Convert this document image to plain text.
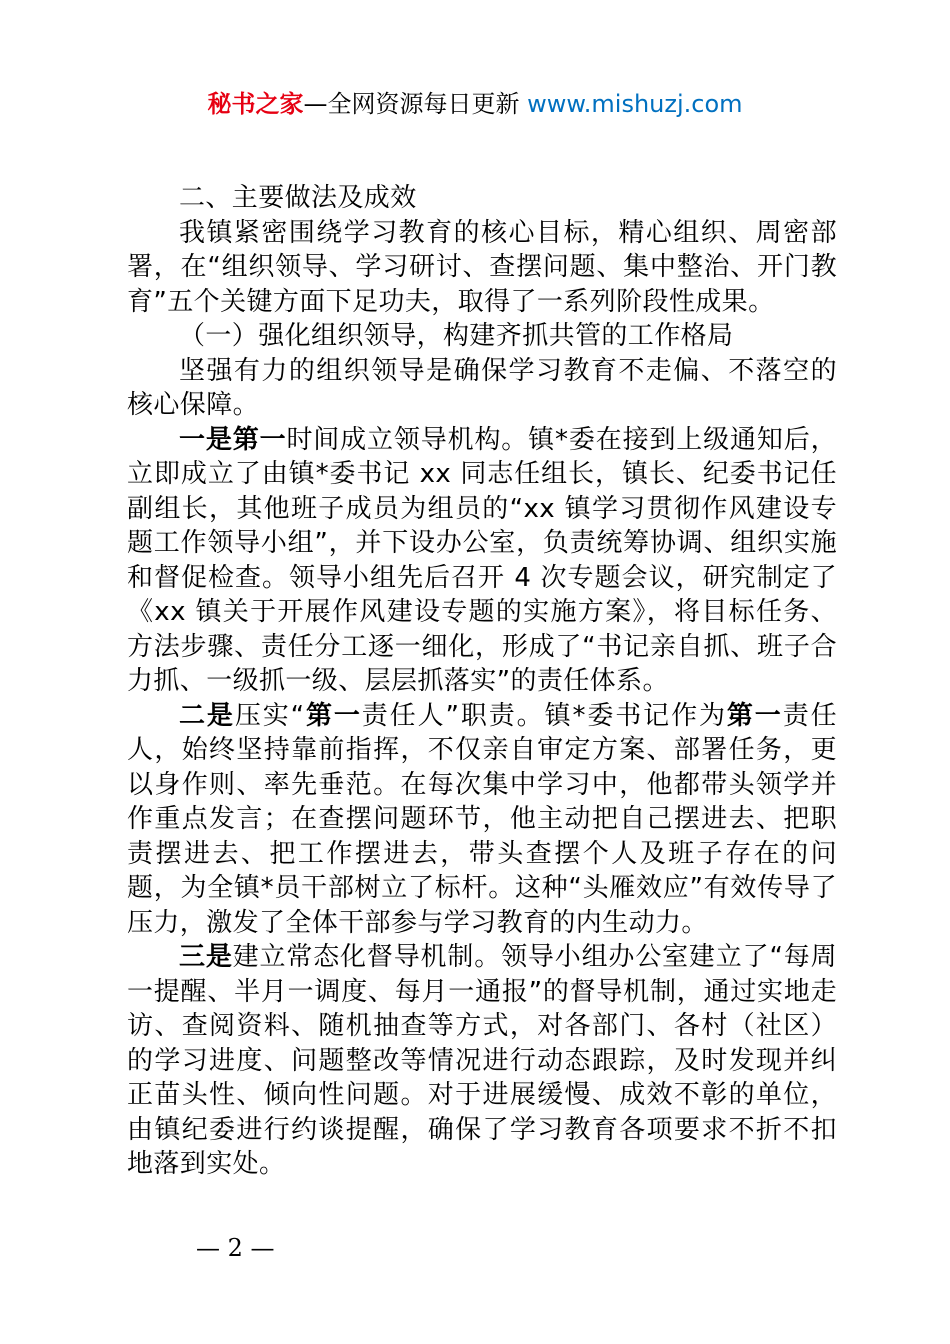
秘书之家—全网资源每日更新 www.mishuzj.com

二、主要做法及成效

我镇紧密围绕学习教育的核心目标，精心组织、周密部署，在“组织领导、学习研讨、查摆问题、集中整治、开门教育”五个关键方面下足功夫，取得了一系列阶段性成果。

（一）强化组织领导，构建齐抓共管的工作格局

坚强有力的组织领导是确保学习教育不走偏、不落空的核心保障。

一是第一时间成立领导机构。镇*委在接到上级通知后，立即成立了由镇*委书记 xx 同志任组长，镇长、纪委书记任副组长，其他班子成员为组员的“xx 镇学习贯彻作风建设专题工作领导小组”，并下设办公室，负责统筹协调、组织实施和督促检查。领导小组先后召开 4 次专题会议，研究制定了《xx 镇关于开展作风建设专题的实施方案》，将目标任务、方法步骤、责任分工逐一细化，形成了“书记亲自抓、班子合力抓、一级抓一级、层层抓落实”的责任体系。

二是压实“第一责任人”职责。镇*委书记作为第一责任人，始终坚持靠前指挥，不仅亲自审定方案、部署任务，更以身作则、率先垂范。在每次集中学习中，他都带头领学并作重点发言；在查摆问题环节，他主动把自己摆进去、把职责摆进去、把工作摆进去，带头查摆个人及班子存在的问题，为全镇*员干部树立了标杆。这种“头雁效应”有效传导了压力，激发了全体干部参与学习教育的内生动力。

三是建立常态化督导机制。领导小组办公室建立了“每周一提醒、半月一调度、每月一通报”的督导机制，通过实地走访、查阅资料、随机抽查等方式，对各部门、各村（社区）的学习进度、问题整改等情况进行动态跟踪，及时发现并纠正苗头性、倾向性问题。对于进展缓慢、成效不彰的单位，由镇纪委进行约谈提醒，确保了学习教育各项要求不折不扣地落到实处。

— 2 —
